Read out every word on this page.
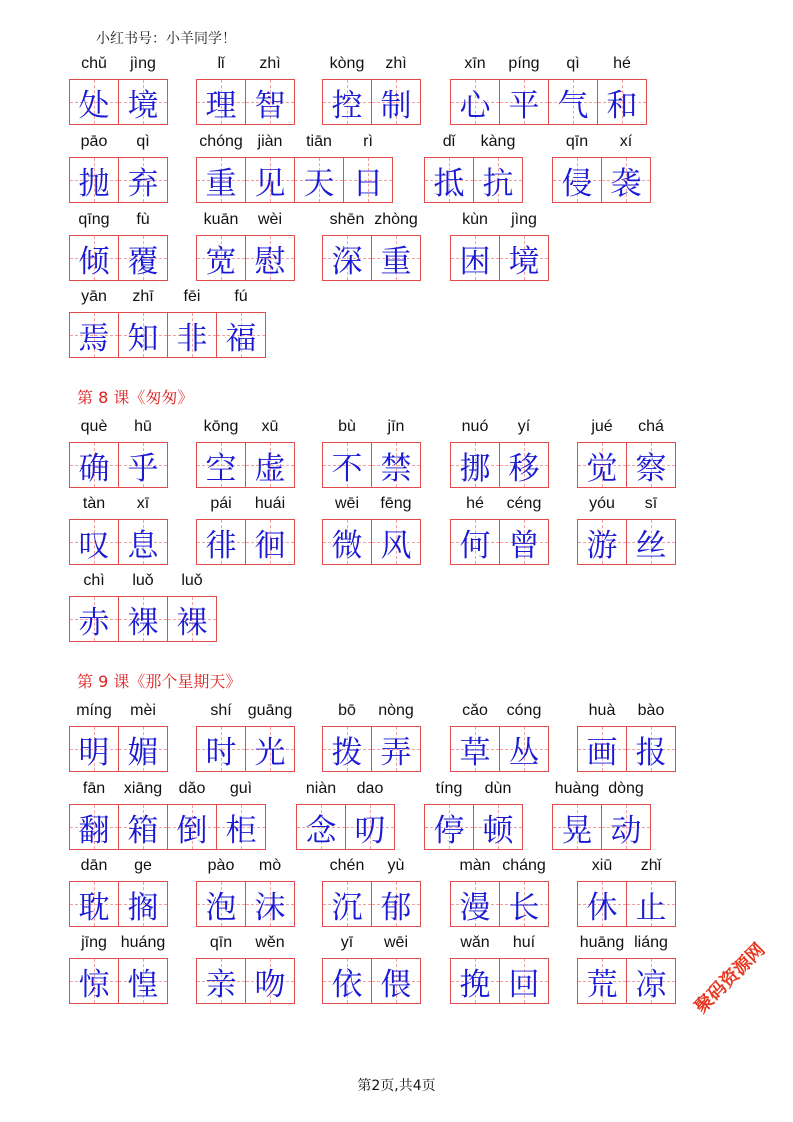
小红书号：小羊同学！
第 8 课《匆匆》
第 9 课《那个星期天》
chǔ	jìng
处 境
lǐ	zhì
理 智
kòng	zhì
控 制
xīn	píng	qì	hé
心 平 气 和
pāo	qì
抛 弃
chóng jiàn	tiān	rì
重 见 天 日
dǐ	kàng
抵 抗
qīn	xí
侵 袭
qīng	fù
倾 覆
kuān	wèi
宽 慰
shēn zhòng
深 重
kùn	jìng
困 境
yān	zhī	fēi	fú
焉 知 非 福
què	hū
确 乎
kōng	xū
空 虚
bù	jīn
不 禁
nuó	yí
挪 移
jué	chá
觉 察
tàn	xī
叹 息
pái	huái
徘 徊
wēi	fēng
微 风
hé	céng
何 曾
yóu	sī
游 丝
chì	luǒ	luǒ
赤 裸 裸
míng	mèi
明 媚
shí	guāng
时 光
bō	nòng
拨 弄
cǎo	cóng
草 丛
huà	bào
画 报
fān	xiāng	dǎo	guì
翻 箱 倒 柜
niàn	dao
念 叨
tíng	dùn
停 顿
huàng dòng
晃 动
dān	ge
耽 搁
pào	mò
泡 沫
chén	yù
沉 郁
màn cháng
漫 长
xiū	zhǐ
休 止
jīng huáng
惊 惶
qīn	wěn
亲 吻
yī	wēi
依 偎
wǎn	huí
挽 回
huāng liáng
荒 凉	聚码资源网
第2页,共4页
